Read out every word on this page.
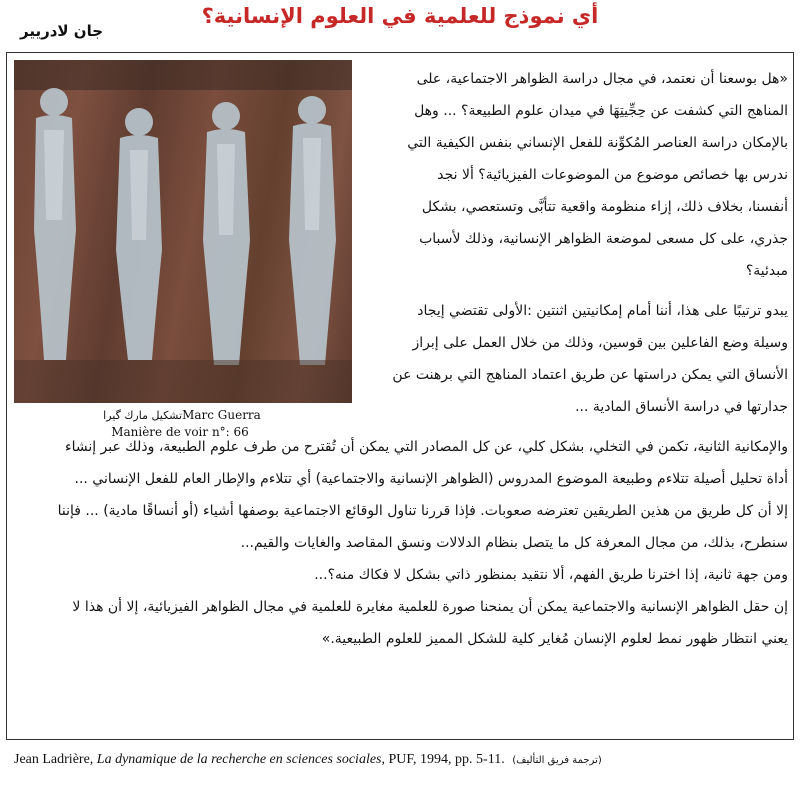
أي نموذج للعلمية في العلوم الإنسانية؟
جان لادريير
تشكيل مارك گيراMarc Guerra
Manière de voir n°: 66
«هل بوسعنا أن نعتمد، في مجال دراسة الظواهر الاجتماعية، على
المناهج التي كشفت عن حِجِّيتِهَا في ميدان علوم الطبيعة؟ ... وهل
بالإمكان دراسة العناصر المُكوِّنة للفعل الإنساني بنفس الكيفية التي
ندرس بها خصائص موضوع من الموضوعات الفيزيائية؟ ألا نجد
أنفسنا، بخلاف ذلك، إزاء منظومة واقعية تتأبَّى وتستعصي، بشكل
جذري، على كل مسعى لموضعة الظواهر الإنسانية، وذلك لأسباب
مبدئية؟
يبدو ترتيبًا على هذا، أننا أمام إمكانيتين اثنتين :الأولى تقتضي إيجاد
وسيلة وضع الفاعلين بين قوسين، وذلك من خلال العمل على إبراز
الأنساق التي يمكن دراستها عن طريق اعتماد المناهج التي برهنت عن
جدارتها في دراسة الأنساق المادية ...
والإمكانية الثانية، تكمن في التخلي، بشكل كلي، عن كل المصادر التي يمكن أن تُقترح من طرف علوم الطبيعة، وذلك عبر إنشاء
أداة تحليل أصيلة تتلاءم وطبيعة الموضوع المدروس (الظواهر الإنسانية والاجتماعية) أي تتلاءم والإطار العام للفعل الإنساني ...
إلا أن كل طريق من هذين الطريقين تعترضه صعوبات. فإذا قررنا تناول الوقائع الاجتماعية بوصفها أشياء (أو أنساقًا مادية) ... فإننا
سنطرح، بذلك، من مجال المعرفة كل ما يتصل بنظام الدلالات ونسق المقاصد والغايات والقيم...
ومن جهة ثانية، إذا اخترنا طريق الفهم، ألا نتقيد بمنظور ذاتي بشكل لا فكاك منه؟...
إن حقل الظواهر الإنسانية والاجتماعية يمكن أن يمنحنا صورة للعلمية مغايرة للعلمية في مجال الظواهر الفيزيائية، إلا أن هذا لا
يعني انتظار ظهور نمط لعلوم الإنسان مُغاير كلية للشكل المميز للعلوم الطبيعية.»
Jean Ladrière, La dynamique de la recherche en sciences sociales, PUF, 1994, pp. 5-11. (ترجمة فريق التأليف)
